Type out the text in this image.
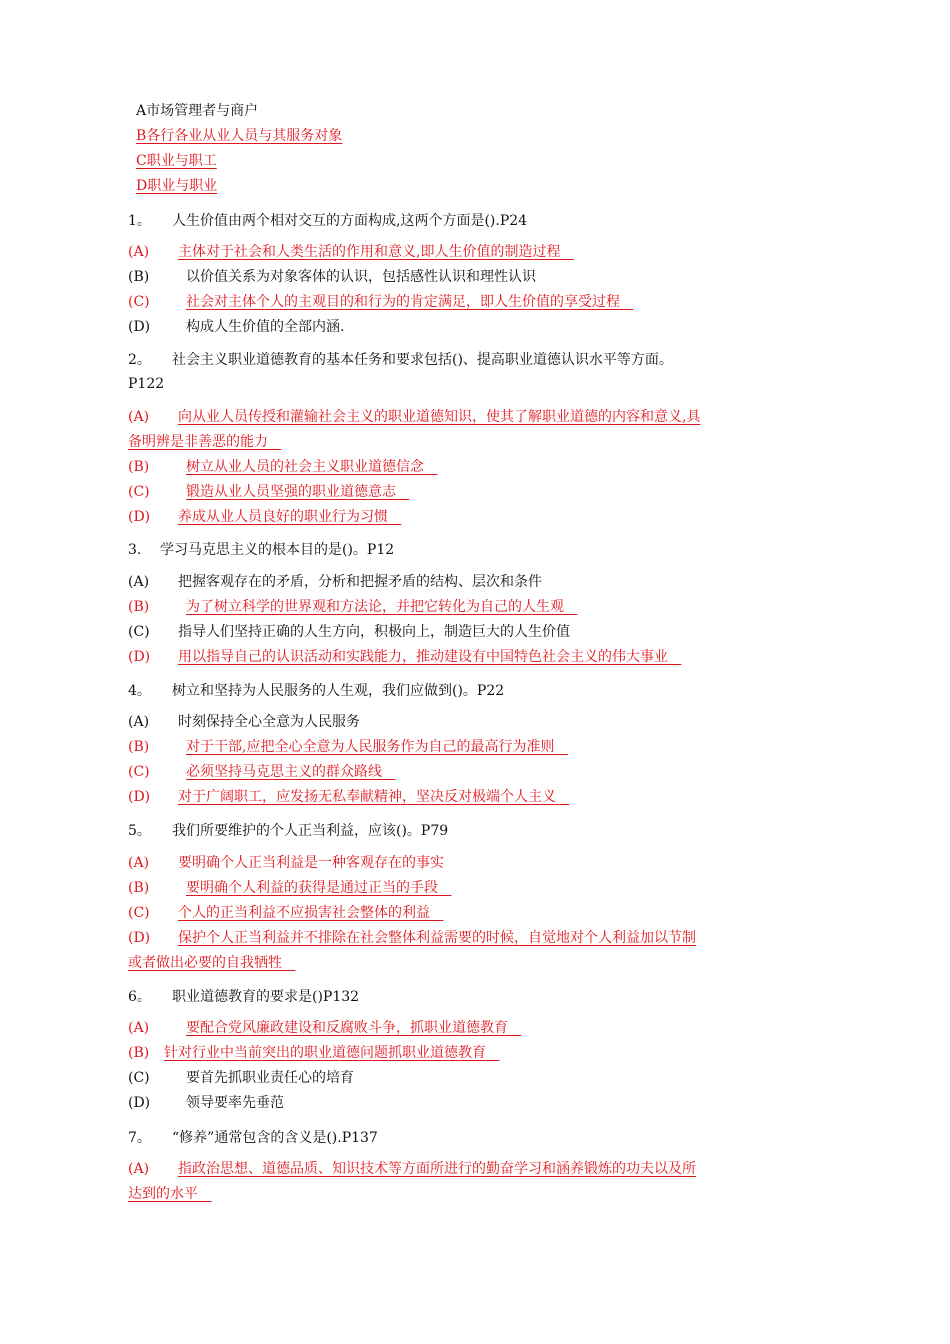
A市场管理者与商户
B各行各业从业人员与其服务对象
C职业与职工
D职业与职业
1。 人生价值由两个相对交互的方面构成,这两个方面是().P24
(A) 主体对于社会和人类生活的作用和意义,即人生价值的制造过程
(B)	以价值关系为对象客体的认识，包括感性认识和理性认识
(C)	社会对主体个人的主观目的和行为的肯定满足，即人生价值的享受过程
(D)	构成人生价值的全部内涵.
2。 社会主义职业道德教育的基本任务和要求包括()、提高职业道德认识水平等方面。
P122
(A) 向从业人员传授和灌输社会主义的职业道德知识，使其了解职业道德的内容和意义,具
备明辨是非善恶的能力
(B)	树立从业人员的社会主义职业道德信念
(C)	锻造从业人员坚强的职业道德意志
(D) 养成从业人员良好的职业行为习惯
3. 学习马克思主义的根本目的是()。P12
(A) 把握客观存在的矛盾，分析和把握矛盾的结构、层次和条件
(B)	为了树立科学的世界观和方法论，并把它转化为自己的人生观
(C) 指导人们坚持正确的人生方向，积极向上，制造巨大的人生价值
(D) 用以指导自己的认识活动和实践能力，推动建设有中国特色社会主义的伟大事业
4。 树立和坚持为人民服务的人生观，我们应做到()。P22
(A) 时刻保持全心全意为人民服务
(B)	对于干部,应把全心全意为人民服务作为自己的最高行为准则
(C)	必须坚持马克思主义的群众路线
(D) 对于广阔职工，应发扬无私奉献精神，坚决反对极端个人主义
5。 我们所要维护的个人正当利益，应该()。P79
(A) 要明确个人正当利益是一种客观存在的事实
(B)	要明确个人利益的获得是通过正当的手段
(C) 个人的正当利益不应损害社会整体的利益
(D) 保护个人正当利益并不排除在社会整体利益需要的时候，自觉地对个人利益加以节制
或者做出必要的自我牺牲
6。 职业道德教育的要求是()P132
(A)	要配合党风廉政建设和反腐败斗争，抓职业道德教育
(B) 针对行业中当前突出的职业道德问题抓职业道德教育
(C)	要首先抓职业责任心的培育
(D)	领导要率先垂范
7。 “修养”通常包含的含义是().P137
(A) 指政治思想、道德品质、知识技术等方面所进行的勤奋学习和涵养锻炼的功夫以及所
达到的水平
